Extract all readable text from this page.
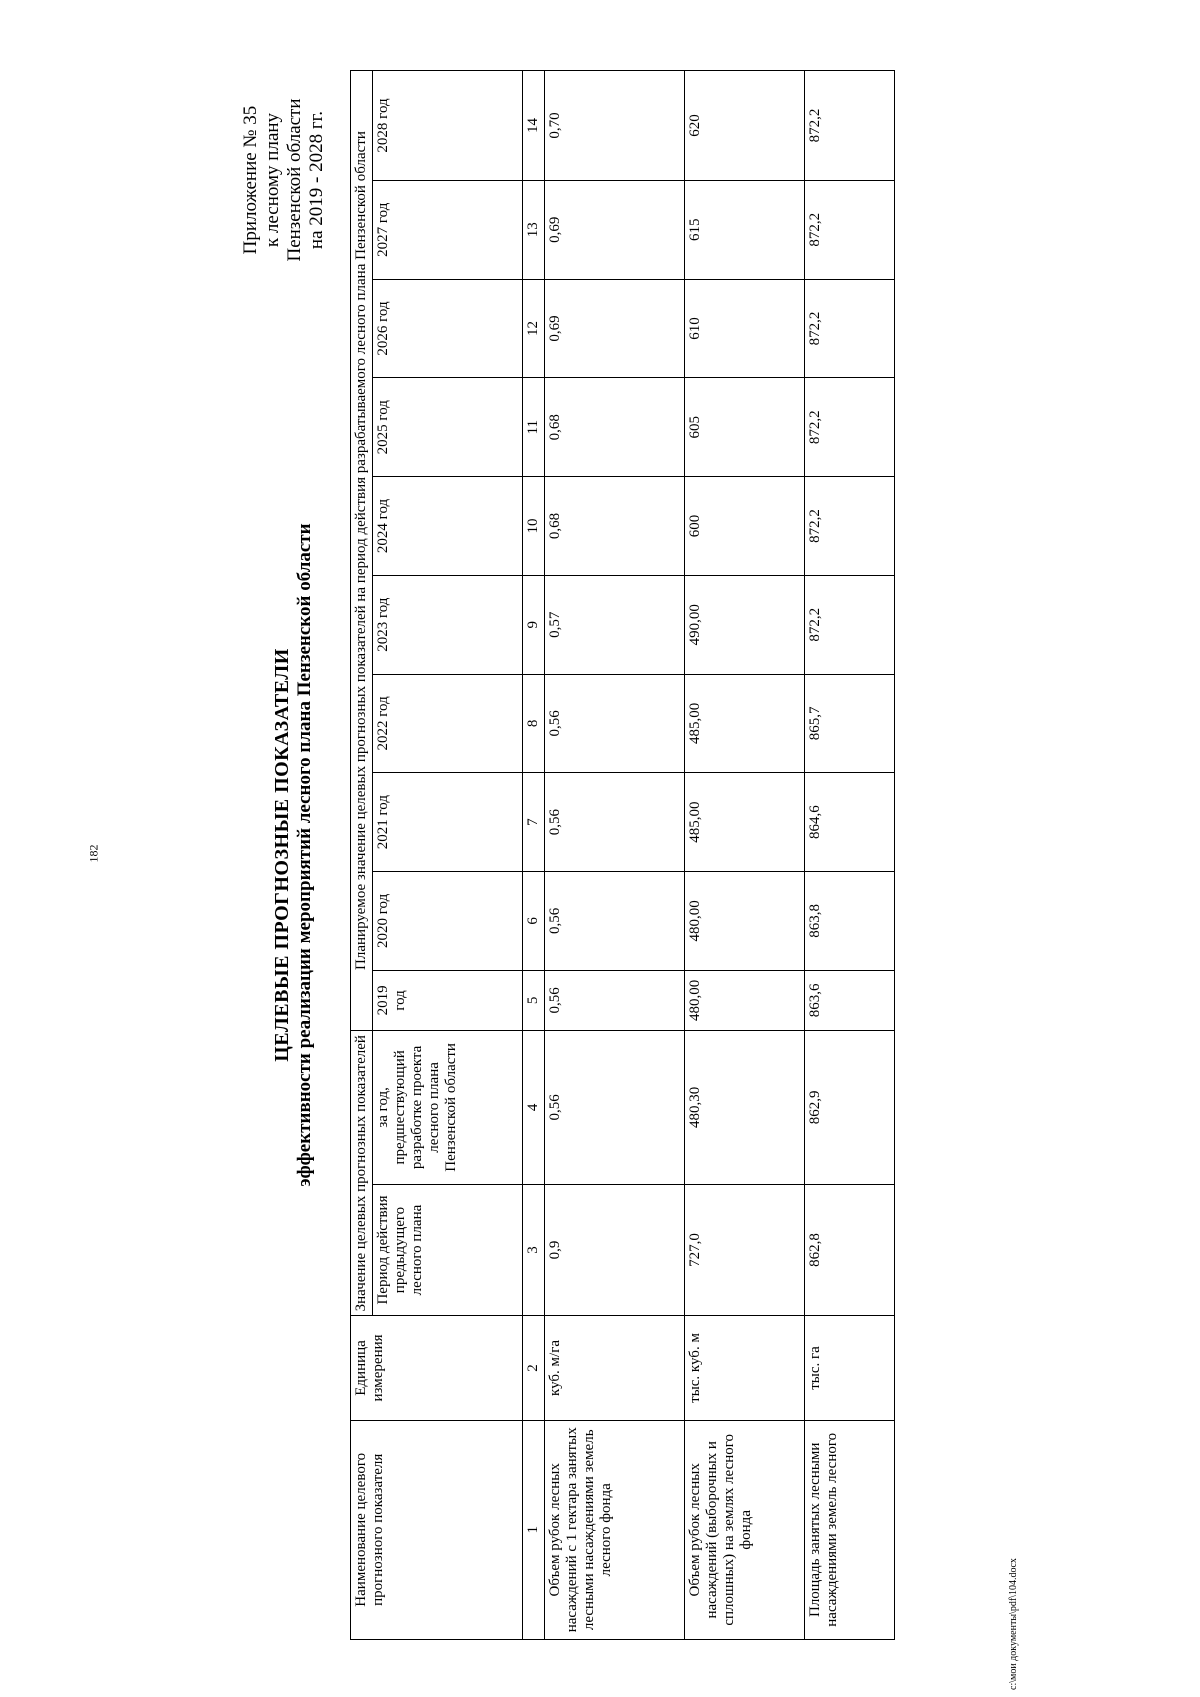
182
c:\мои документы\pdf\104.docx
Приложение № 35 к лесному плану Пензенской области на 2019 - 2028 гг.
ЦЕЛЕВЫЕ ПРОГНОЗНЫЕ ПОКАЗАТЕЛИ эффективности реализации мероприятий лесного плана Пензенской области
Наименование целевого прогнозного показателя	Единица измерения	Значение целевых прогнозных показателей		Планируемое значение целевых прогнозных показателей на период действия разрабатываемого лесного плана Пензенской области									
		Период действия предыдущего лесного плана	за год, предшествующий разработке проекта лесного плана Пензенской области	2019 год	2020 год	2021 год	2022 год	2023 год	2024 год	2025 год	2026 год	2027 год	2028 год
1	2	3	4	5	6	7	8	9	10	11	12	13	14
Объем рубок лесных насаждений с 1 гектара занятых лесными насаждениями земель лесного фонда	куб. м/га	0,9	0,56	0,56	0,56	0,56	0,56	0,57	0,68	0,68	0,69	0,69	0,70
Объем рубок лесных насаждений (выборочных и сплошных) на землях лесного фонда	тыс. куб. м	727,0	480,30	480,00	480,00	485,00	485,00	490,00	600	605	610	615	620
Площадь занятых лесными насаждениями земель лесного	тыс. га	862,8	862,9	863,6	863,8	864,6	865,7	872,2	872,2	872,2	872,2	872,2	872,2
